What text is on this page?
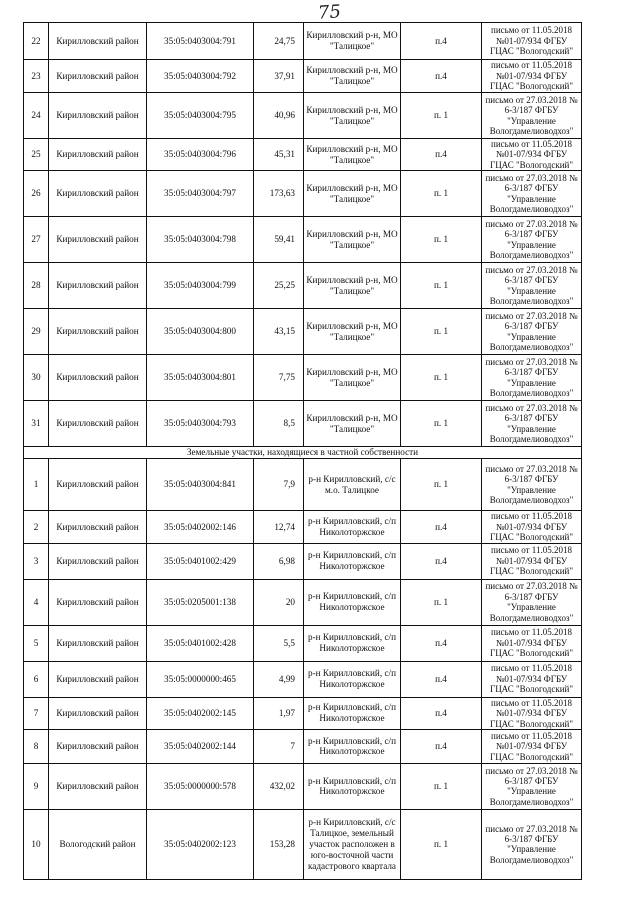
75
22	Кирилловский район	35:05:0403004:791	24,75	Кирилловский р-н, МО "Талицкое"	п.4	письмо от 11.05.2018 №01-07/934 ФГБУ ГЦАС "Вологодский"
23	Кирилловский район	35:05:0403004:792	37,91	Кирилловский р-н, МО "Талицкое"	п.4	письмо от 11.05.2018 №01-07/934 ФГБУ ГЦАС "Вологодский"
24	Кирилловский район	35:05:0403004:795	40,96	Кирилловский р-н, МО "Талицкое"	п. 1	письмо от 27.03.2018 № 6-3/187 ФГБУ "Управление Вологдамелиоводхоз"
25	Кирилловский район	35:05:0403004:796	45,31	Кирилловский р-н, МО "Талицкое"	п.4	письмо от 11.05.2018 №01-07/934 ФГБУ ГЦАС "Вологодский"
26	Кирилловский район	35:05:0403004:797	173,63	Кирилловский р-н, МО "Талицкое"	п. 1	письмо от 27.03.2018 № 6-3/187 ФГБУ "Управление Вологдамелиоводхоз"
27	Кирилловский район	35:05:0403004:798	59,41	Кирилловский р-н, МО "Талицкое"	п. 1	письмо от 27.03.2018 № 6-3/187 ФГБУ "Управление Вологдамелиоводхоз"
28	Кирилловский район	35:05:0403004:799	25,25	Кирилловский р-н, МО "Талицкое"	п. 1	письмо от 27.03.2018 № 6-3/187 ФГБУ "Управление Вологдамелиоводхоз"
29	Кирилловский район	35:05:0403004:800	43,15	Кирилловский р-н, МО "Талицкое"	п. 1	письмо от 27.03.2018 № 6-3/187 ФГБУ "Управление Вологдамелиоводхоз"
30	Кирилловский район	35:05:0403004:801	7,75	Кирилловский р-н, МО "Талицкое"	п. 1	письмо от 27.03.2018 № 6-3/187 ФГБУ "Управление Вологдамелиоводхоз"
31	Кирилловский район	35:05:0403004:793	8,5	Кирилловский р-н, МО "Талицкое"	п. 1	письмо от 27.03.2018 № 6-3/187 ФГБУ "Управление Вологдамелиоводхоз"
Земельные участки, находящиеся в частной собственности						
1	Кирилловский район	35:05:0403004:841	7,9	р-н Кирилловский, с/с м.о. Талицкое	п. 1	письмо от 27.03.2018 № 6-3/187 ФГБУ "Управление Вологдамелиоводхоз"
2	Кирилловский район	35:05:0402002:146	12,74	р-н Кирилловский, с/п Николоторжское	п.4	письмо от 11.05.2018 №01-07/934 ФГБУ ГЦАС "Вологодский"
3	Кирилловский район	35:05:0401002:429	6,98	р-н Кирилловский, с/п Николоторжское	п.4	письмо от 11.05.2018 №01-07/934 ФГБУ ГЦАС "Вологодский"
4	Кирилловский район	35:05:0205001:138	20	р-н Кирилловский, с/п Николоторжское	п. 1	письмо от 27.03.2018 № 6-3/187 ФГБУ "Управление Вологдамелиоводхоз"
5	Кирилловский район	35:05:0401002:428	5,5	р-н Кирилловский, с/п Николоторжское	п.4	письмо от 11.05.2018 №01-07/934 ФГБУ ГЦАС "Вологодский"
6	Кирилловский район	35:05:0000000:465	4,99	р-н Кирилловский, с/п Николоторжское	п.4	письмо от 11.05.2018 №01-07/934 ФГБУ ГЦАС "Вологодский"
7	Кирилловский район	35:05:0402002:145	1,97	р-н Кирилловский, с/п Николоторжское	п.4	письмо от 11.05.2018 №01-07/934 ФГБУ ГЦАС "Вологодский"
8	Кирилловский район	35:05:0402002:144	7	р-н Кирилловский, с/п Николоторжское	п.4	письмо от 11.05.2018 №01-07/934 ФГБУ ГЦАС "Вологодский"
9	Кирилловский район	35:05:0000000:578	432,02	р-н Кирилловский, с/п Николоторжское	п. 1	письмо от 27.03.2018 № 6-3/187 ФГБУ "Управление Вологдамелиоводхоз"
10	Вологодский район	35:05:0402002:123	153,28	р-н Кирилловский, с/с Талицкое, земельный участок расположен в юго-восточной части кадастрового квартала	п. 1	письмо от 27.03.2018 № 6-3/187 ФГБУ "Управление Вологдамелиоводхоз"
